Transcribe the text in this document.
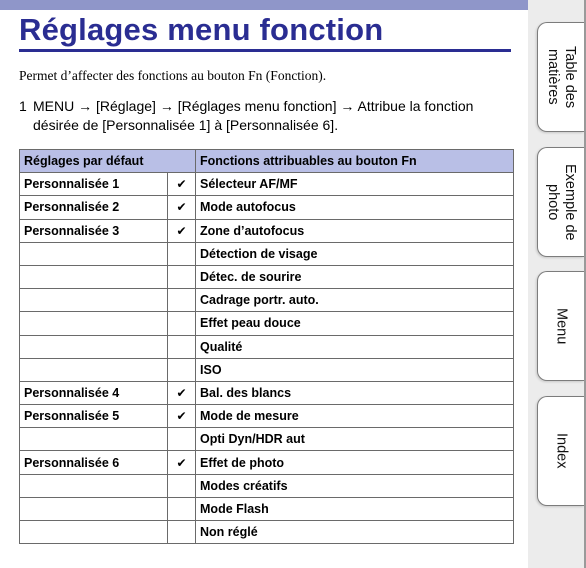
Réglages menu fonction

Permet d’affecter des fonctions au bouton Fn (Fonction).

1 MENU → [Réglage] → [Réglages menu fonction] → Attribue la fonction désirée de [Personnalisée 1] à [Personnalisée 6].
Réglages par défaut		Fonctions attribuables au bouton Fn
Personnalisée 1	✔	Sélecteur AF/MF
Personnalisée 2	✔	Mode autofocus
Personnalisée 3	✔	Zone d’autofocus
		Détection de visage
		Détec. de sourire
		Cadrage portr. auto.
		Effet peau douce
		Qualité
		ISO
Personnalisée 4	✔	Bal. des blancs
Personnalisée 5	✔	Mode de mesure
		Opti Dyn/HDR aut
Personnalisée 6	✔	Effet de photo
		Modes créatifs
		Mode Flash
		Non réglé
Table des
matières
Exemple de
photo
Menu
Index
